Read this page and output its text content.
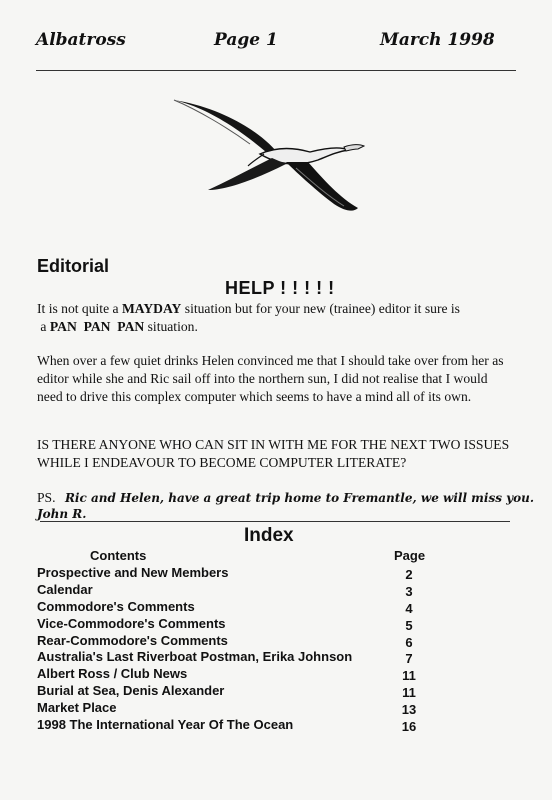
Albatross	Page 1	March 1998
Editorial
HELP ! ! ! ! !
It is not quite a MAYDAY situation but for your new (trainee) editor it sure is
a PAN  PAN  PAN situation.
When over a few quiet drinks Helen convinced me that I should take over from her as editor while she and Ric sail off into the northern sun, I did not realise that I would need to drive this complex computer which seems to have a mind all of its own.
IS THERE ANYONE WHO CAN SIT IN WITH ME FOR THE NEXT TWO ISSUES WHILE I ENDEAVOUR TO BECOME COMPUTER LITERATE?
PS. Ric and Helen, have a great trip home to Fremantle, we will miss you. John R.
Index
Contents	Page
Prospective and New Members	2
Calendar	3
Commodore's Comments	4
Vice-Commodore's Comments	5
Rear-Commodore's Comments	6
Australia's Last Riverboat Postman, Erika Johnson	7
Albert Ross / Club News	11
Burial at Sea, Denis Alexander	11
Market Place	13
1998 The International Year Of The Ocean	16
